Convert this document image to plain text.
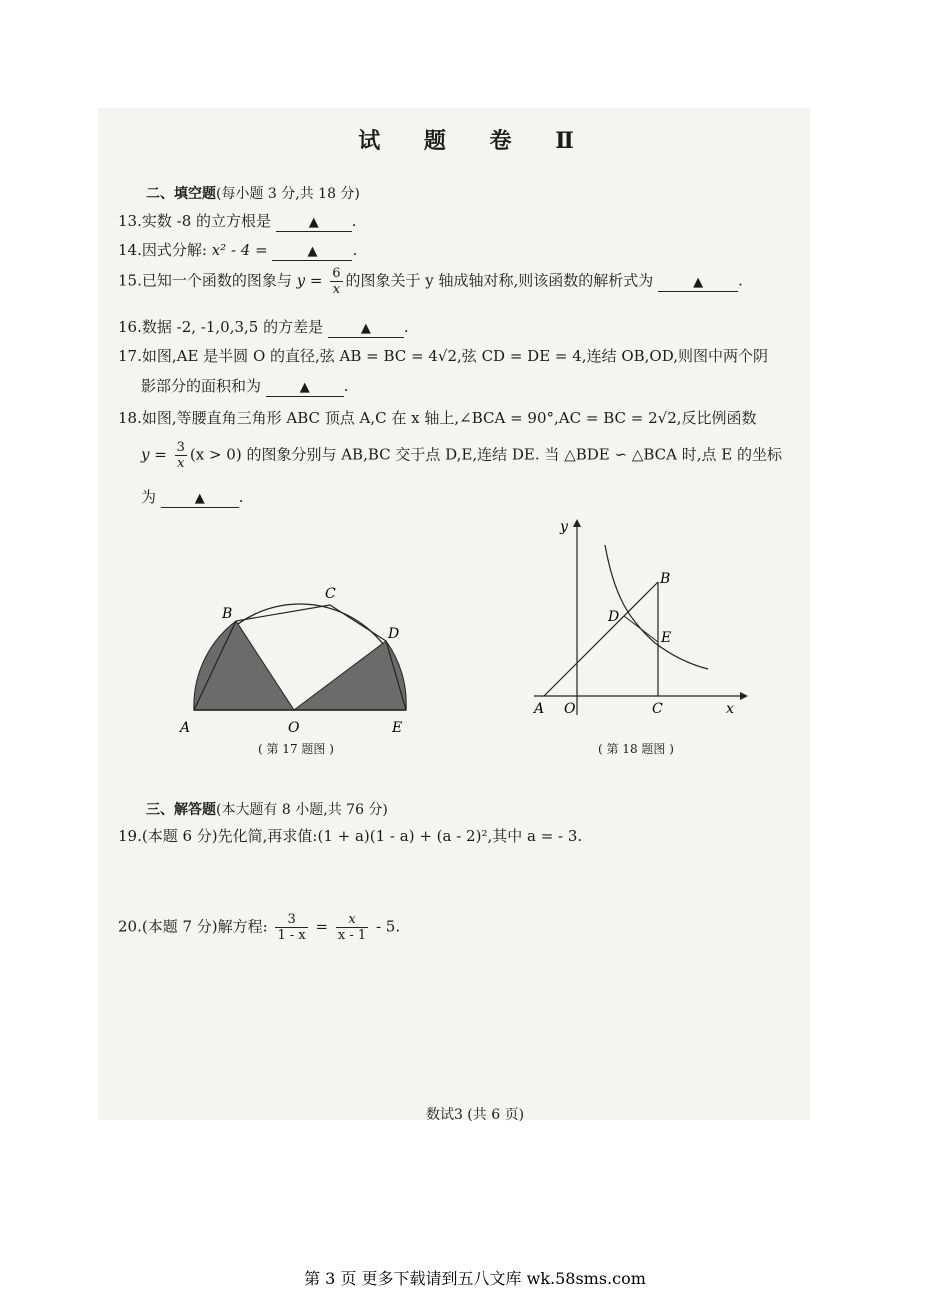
试 题 卷 Ⅱ
二、填空题(每小题 3 分,共 18 分)
13.实数 -8 的立方根是	▲ .
14.因式分解: x² - 4 =	▲ .
15.已知一个函数的图象与 $y = \frac{6}{x}$ 的图象关于 y 轴成轴对称,则该函数的解析式为	▲ .
16.数据 -2, -1,0,3,5 的方差是	▲ .
17.如图,AE 是半圆 O 的直径,弦 AB = BC = 4√2,弦 CD = DE = 4,连结 OB,OD,则图中两个阴
影部分的面积和为	▲ .
18.如图,等腰直角三角形 ABC 顶点 A,C 在 x 轴上,∠BCA = 90°,AC = BC = 2√2,反比例函数
$y = \frac{3}{x} (x > 0)$ 的图象分别与 AB,BC 交于点 D,E,连结 DE. 当 △BDE ∽ △BCA 时,点 E 的坐标
为	▲ .
A
B
C
D
E
O
( 第 17 题图 )
A
B
C
D
E
O	x
y
( 第 18 题图 )
三、解答题(本大题有 8 小题,共 76 分)
19.(本题 6 分)先化简,再求值:(1 + a)(1 - a) + (a - 2)²,其中 a = - 3.
20.(本题 7 分)解方程: $\frac{3}{1 - x} = \frac{x}{x - 1} - 5$.
数试3 (共 6 页)
第 3 页 更多下载请到五八文库 wk.58sms.com
